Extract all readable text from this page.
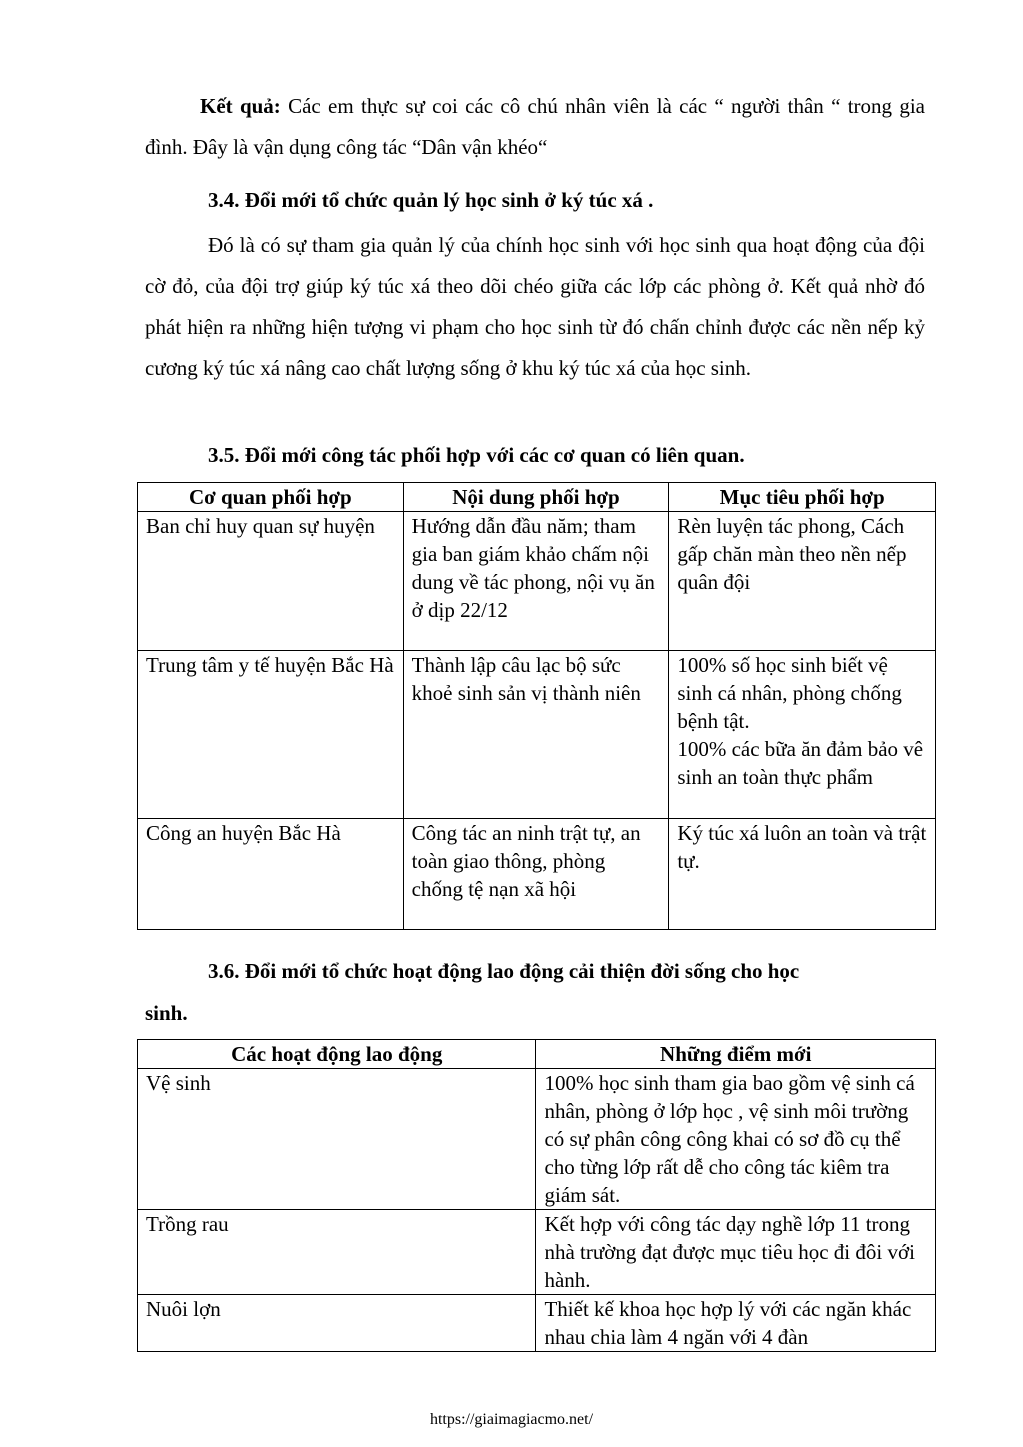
Kết quả: Các em thực sự coi các cô chú nhân viên là các “ người thân “ trong gia đình. Đây là vận dụng công tác “Dân vận khéo“

3.4. Đổi mới tổ chức quản lý học sinh ở ký túc xá .

Đó là có sự tham gia quản lý của chính học sinh với học sinh qua hoạt động của đội cờ đỏ, của đội trợ giúp ký túc xá theo dõi chéo giữa các lớp các phòng ở. Kết quả nhờ đó phát hiện ra những hiện tượng vi phạm cho học sinh từ đó chấn chỉnh được các nền nếp kỷ cương ký túc xá nâng cao chất lượng sống ở khu ký túc xá của học sinh.

3.5. Đổi mới công tác phối hợp với các cơ quan có liên quan.
Cơ quan phối hợp	Nội dung phối hợp	Mục tiêu phối hợp
Ban chỉ huy quan sự huyện	Hướng dẫn đầu năm; tham gia ban giám khảo chấm nội dung về tác phong, nội vụ ăn ở dịp 22/12	Rèn luyện tác phong, Cách gấp chăn màn theo nền nếp quân đội

Trung tâm y tế huyện Bắc Hà	Thành lập câu lạc bộ sức khoẻ sinh sản vị thành niên	100% số học sinh biết vệ sinh cá nhân, phòng chống bệnh tật.
100% các bữa ăn đảm bảo vê sinh an toàn thực phẩm

Công an huyện Bắc Hà	Công tác an ninh trật tự, an toàn giao thông, phòng chống tệ nạn xã hội	Ký túc xá luôn an toàn và trật tự.
3.6. Đổi mới tổ chức hoạt động lao động cải thiện đời sống cho học
sinh.
Các hoạt động lao động	Những điểm mới
Vệ sinh	100% học sinh tham gia bao gồm vệ sinh cá nhân, phòng ở lớp học , vệ sinh môi trường có sự phân công công khai có sơ đồ cụ thể cho từng lớp rất dễ cho công tác kiêm tra giám sát.
Trồng rau	Kết hợp với công tác dạy nghề lớp 11 trong nhà trường đạt được mục tiêu học đi đôi với hành.
Nuôi lợn	Thiết kế khoa học hợp lý với các ngăn khác nhau chia làm 4 ngăn với 4 đàn
https://giaimagiacmo.net/
